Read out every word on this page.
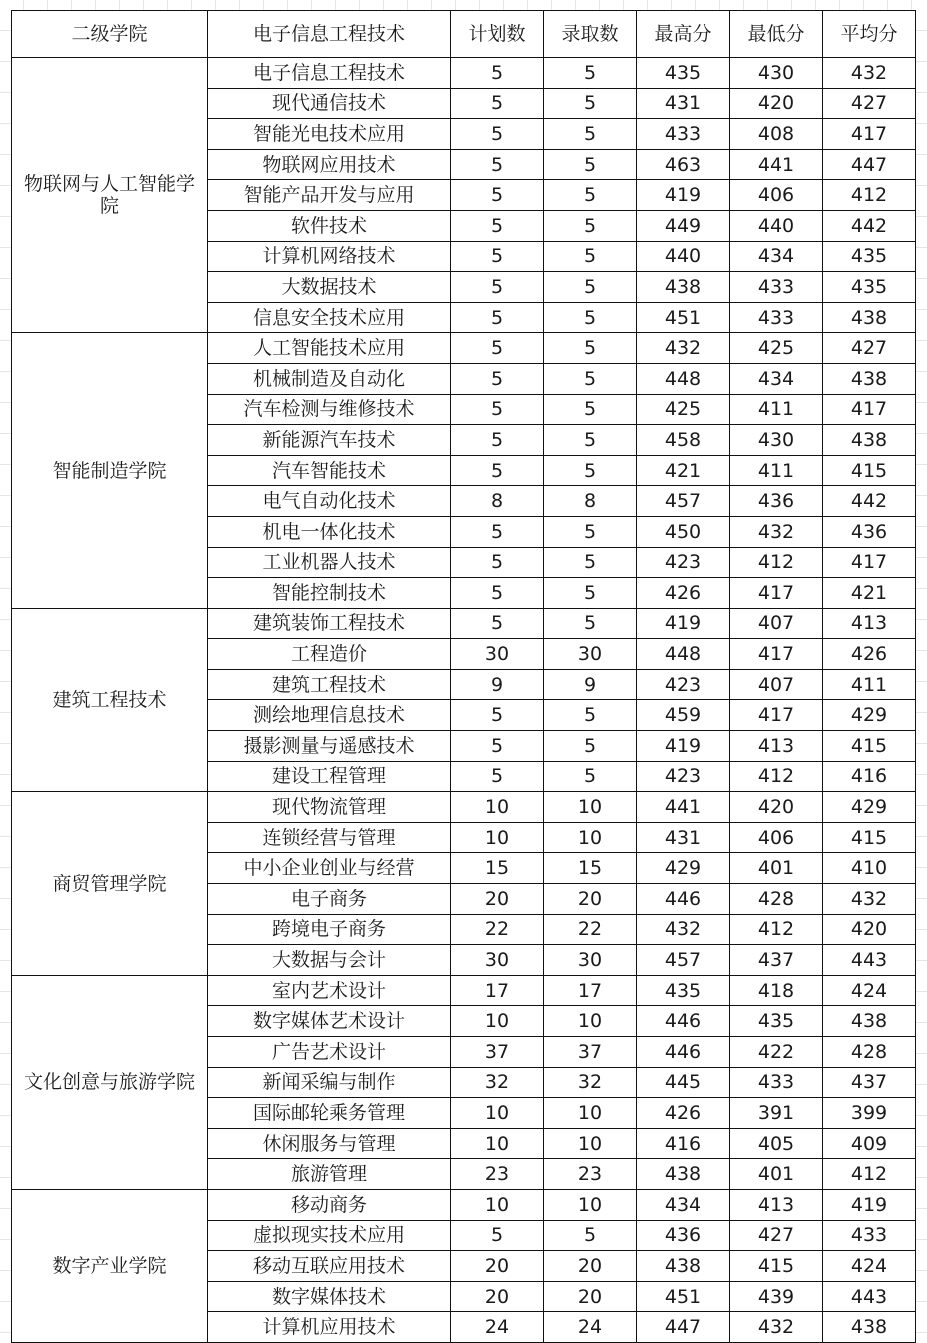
二级学院	电子信息工程技术	计划数	录取数	最高分	最低分	平均分
物联网与人工智能学院	电子信息工程技术	5	5	435	430	432
	现代通信技术	5	5	431	420	427
	智能光电技术应用	5	5	433	408	417
	物联网应用技术	5	5	463	441	447
	智能产品开发与应用	5	5	419	406	412
	软件技术	5	5	449	440	442
	计算机网络技术	5	5	440	434	435
	大数据技术	5	5	438	433	435
	信息安全技术应用	5	5	451	433	438
智能制造学院	人工智能技术应用	5	5	432	425	427
	机械制造及自动化	5	5	448	434	438
	汽车检测与维修技术	5	5	425	411	417
	新能源汽车技术	5	5	458	430	438
	汽车智能技术	5	5	421	411	415
	电气自动化技术	8	8	457	436	442
	机电一体化技术	5	5	450	432	436
	工业机器人技术	5	5	423	412	417
	智能控制技术	5	5	426	417	421
建筑工程技术	建筑装饰工程技术	5	5	419	407	413
	工程造价	30	30	448	417	426
	建筑工程技术	9	9	423	407	411
	测绘地理信息技术	5	5	459	417	429
	摄影测量与遥感技术	5	5	419	413	415
	建设工程管理	5	5	423	412	416
商贸管理学院	现代物流管理	10	10	441	420	429
	连锁经营与管理	10	10	431	406	415
	中小企业创业与经营	15	15	429	401	410
	电子商务	20	20	446	428	432
	跨境电子商务	22	22	432	412	420
	大数据与会计	30	30	457	437	443
文化创意与旅游学院	室内艺术设计	17	17	435	418	424
	数字媒体艺术设计	10	10	446	435	438
	广告艺术设计	37	37	446	422	428
	新闻采编与制作	32	32	445	433	437
	国际邮轮乘务管理	10	10	426	391	399
	休闲服务与管理	10	10	416	405	409
	旅游管理	23	23	438	401	412
数字产业学院	移动商务	10	10	434	413	419
	虚拟现实技术应用	5	5	436	427	433
	移动互联应用技术	20	20	438	415	424
	数字媒体技术	20	20	451	439	443
	计算机应用技术	24	24	447	432	438
